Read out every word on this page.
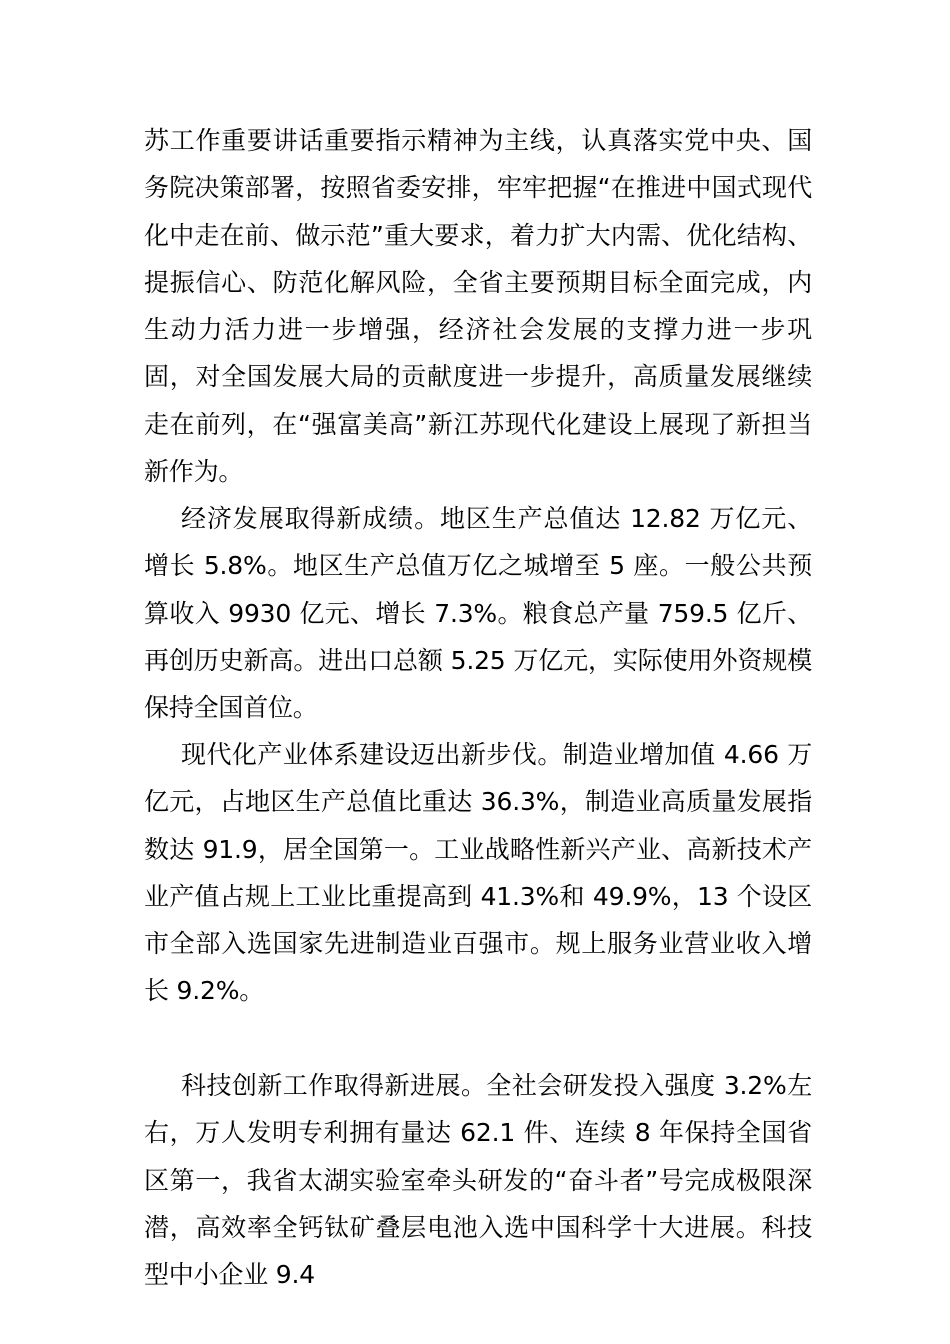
苏工作重要讲话重要指示精神为主线，认真落实党中央、国务院决策部署，按照省委安排，牢牢把握“在推进中国式现代化中走在前、做示范”重大要求，着力扩大内需、优化结构、提振信心、防范化解风险，全省主要预期目标全面完成，内生动力活力进一步增强，经济社会发展的支撑力进一步巩固，对全国发展大局的贡献度进一步提升，高质量发展继续走在前列，在“强富美高”新江苏现代化建设上展现了新担当新作为。

经济发展取得新成绩。地区生产总值达 12.82 万亿元、增长 5.8%。地区生产总值万亿之城增至 5 座。一般公共预算收入 9930 亿元、增长 7.3%。粮食总产量 759.5 亿斤、再创历史新高。进出口总额 5.25 万亿元，实际使用外资规模保持全国首位。

现代化产业体系建设迈出新步伐。制造业增加值 4.66 万亿元，占地区生产总值比重达 36.3%，制造业高质量发展指数达 91.9，居全国第一。工业战略性新兴产业、高新技术产业产值占规上工业比重提高到 41.3%和 49.9%，13 个设区市全部入选国家先进制造业百强市。规上服务业营业收入增长 9.2%。

科技创新工作取得新进展。全社会研发投入强度 3.2%左右，万人发明专利拥有量达 62.1 件、连续 8 年保持全国省区第一，我省太湖实验室牵头研发的“奋斗者”号完成极限深潜，高效率全钙钛矿叠层电池入选中国科学十大进展。科技型中小企业 9.4
